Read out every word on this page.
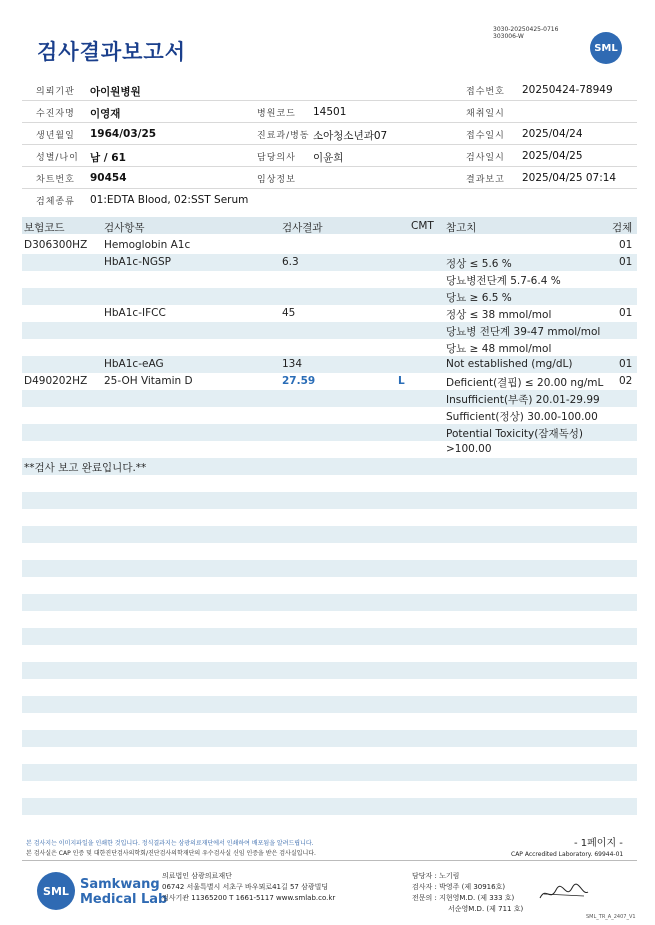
검사결과보고서
3030-20250425-0716
303006-W
SML
의뢰기관 아이원병원	접수번호 20250424-78949
수진자명 이영재	병원코드 14501	채취일시
생년월일 1964/03/25	진료과/병동 소아청소년과07	접수일시 2025/04/24
성별/나이 남 / 61	담당의사 이윤희	검사일시 2025/04/25
차트번호 90454	임상정보	결과보고 2025/04/25 07:14
검체종류 01:EDTA Blood, 02:SST Serum
보험코드	검사항목	검사결과	CMT 참고치	검체
D306300HZ Hemoglobin A1c	01
HbA1c-NGSP	6.3	정상 ≤ 5.6 %	01
당뇨병전단계 5.7-6.4 %
당뇨 ≥ 6.5 %
HbA1c-IFCC	45	정상 ≤ 38 mmol/mol	01
당뇨병 전단계 39-47 mmol/mol
당뇨 ≥ 48 mmol/mol
HbA1c-eAG	134	Not established (mg/dL)	01
D490202HZ 25-OH Vitamin D	27.59	L	Deficient(결핍) ≤ 20.00 ng/mL 02
Insufficient(부족) 20.01-29.99
Sufficient(정상) 30.00-100.00
Potential Toxicity(잠재독성)
>100.00
**검사 보고 완료입니다.**
본 검사지는 이미지파일을 인쇄한 것입니다. 정식결과지는 삼광의료재단에서 인쇄하여 배포됨을 알려드립니다.
본 검사실은 CAP 인증 및 대한진단검사의학회/진단검사의학재단의 우수검사실 신임 인증을 받은 검사실입니다.
- 1페이지 -
CAP Accredited Laboratory. 69944-01
SML Samkwang
Medical Lab
의료법인 삼광의료재단
06742 서울특별시 서초구 바우뫼로41길 57 삼광빌딩
검사기관 11365200 T 1661-5117 www.smlab.co.kr
담당자 : 노기림
검사자 : 박영주 (제 30916호)
전문의 : 지현영M.D. (제 333 호)
서순영M.D. (제 711 호)
SML_TR_A_2407_V1
